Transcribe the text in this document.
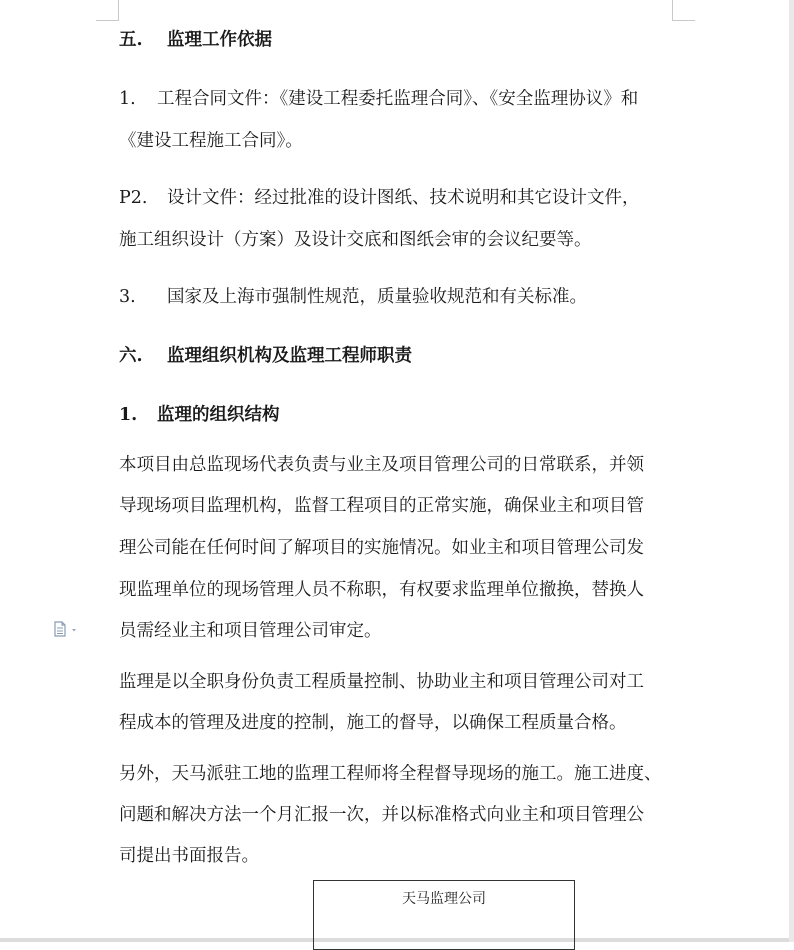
五. 监理工作依据
1. 工程合同文件：《建设工程委托监理合同》、《安全监理协议》和
《建设工程施工合同》。
P2. 设计文件：经过批准的设计图纸、技术说明和其它设计文件，
施工组织设计（方案）及设计交底和图纸会审的会议纪要等。
3. 国家及上海市强制性规范，质量验收规范和有关标准。
六. 监理组织机构及监理工程师职责
1. 监理的组织结构
本项目由总监现场代表负责与业主及项目管理公司的日常联系，并领
导现场项目监理机构，监督工程项目的正常实施，确保业主和项目管
理公司能在任何时间了解项目的实施情况。如业主和项目管理公司发
现监理单位的现场管理人员不称职，有权要求监理单位撤换，替换人
员需经业主和项目管理公司审定。
监理是以全职身份负责工程质量控制、协助业主和项目管理公司对工
程成本的管理及进度的控制，施工的督导，以确保工程质量合格。
另外，天马派驻工地的监理工程师将全程督导现场的施工。施工进度、
问题和解决方法一个月汇报一次，并以标准格式向业主和项目管理公
司提出书面报告。
天马监理公司
